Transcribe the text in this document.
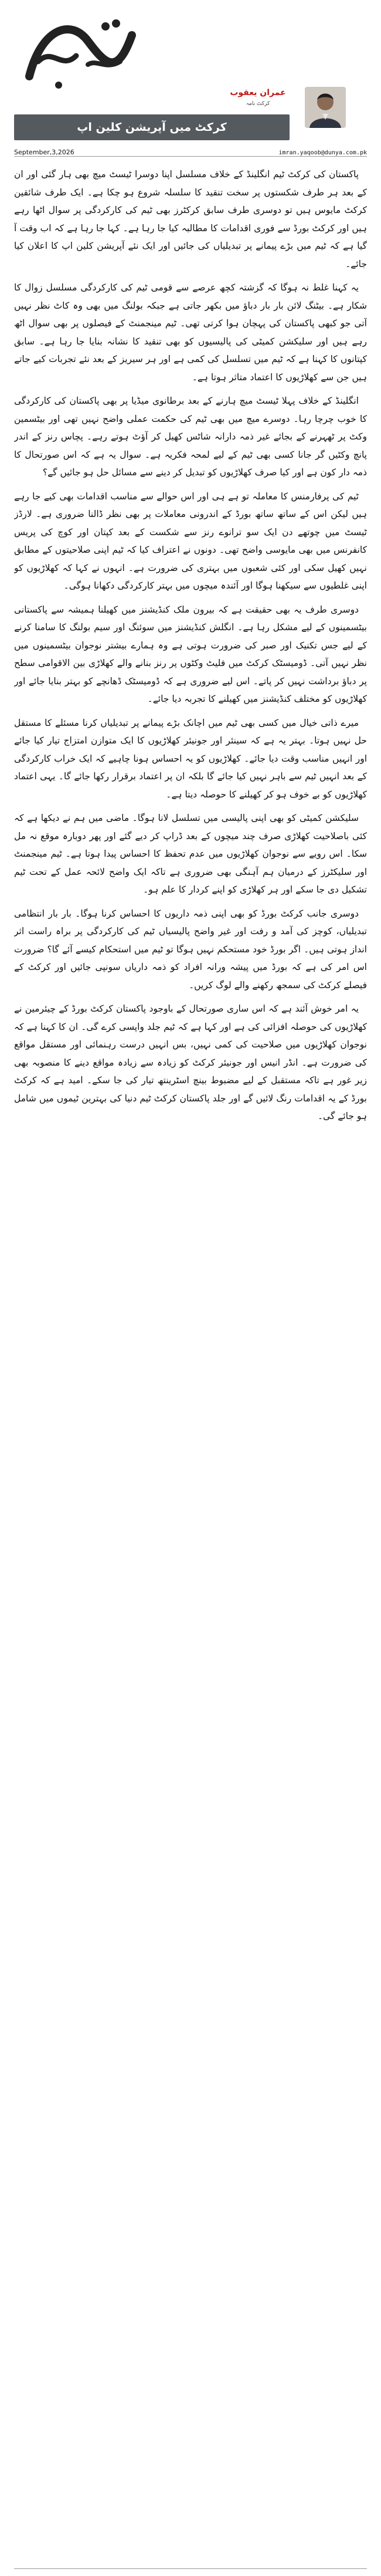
عمران یعقوب
کرکٹ نامہ
کرکٹ میں آپریشن کلین اپ
September,3,2026	imran.yaqoob@dunya.com.pk

پاکستان کی کرکٹ ٹیم انگلینڈ کے خلاف مسلسل اپنا دوسرا ٹیسٹ میچ بھی ہار گئی اور ان کے بعد ہر طرف شکستوں پر سخت تنقید کا سلسلہ شروع ہو چکا ہے۔ ایک طرف شائقین کرکٹ مایوس ہیں تو دوسری طرف سابق کرکٹرز بھی ٹیم کی کارکردگی پر سوال اٹھا رہے ہیں اور کرکٹ بورڈ سے فوری اقدامات کا مطالبہ کیا جا رہا ہے۔ کہا جا رہا ہے کہ اب وقت آ گیا ہے کہ ٹیم میں بڑے پیمانے پر تبدیلیاں کی جائیں اور ایک نئے آپریشن کلین اپ کا اعلان کیا جائے۔

یہ کہنا غلط نہ ہوگا کہ گزشتہ کچھ عرصے سے قومی ٹیم کی کارکردگی مسلسل زوال کا شکار ہے۔ بیٹنگ لائن بار بار دباؤ میں بکھر جاتی ہے جبکہ بولنگ میں بھی وہ کاٹ نظر نہیں آتی جو کبھی پاکستان کی پہچان ہوا کرتی تھی۔ ٹیم مینجمنٹ کے فیصلوں پر بھی سوال اٹھ رہے ہیں اور سلیکشن کمیٹی کی پالیسیوں کو بھی تنقید کا نشانہ بنایا جا رہا ہے۔ سابق کپتانوں کا کہنا ہے کہ ٹیم میں تسلسل کی کمی ہے اور ہر سیریز کے بعد نئے تجربات کیے جاتے ہیں جن سے کھلاڑیوں کا اعتماد متاثر ہوتا ہے۔

انگلینڈ کے خلاف پہلا ٹیسٹ میچ ہارنے کے بعد برطانوی میڈیا پر بھی پاکستان کی کارکردگی کا خوب چرچا رہا۔ دوسرے میچ میں بھی ٹیم کی حکمت عملی واضح نہیں تھی اور بیٹسمین وکٹ پر ٹھہرنے کے بجائے غیر ذمہ دارانہ شاٹس کھیل کر آؤٹ ہوتے رہے۔ پچاس رنز کے اندر پانچ وکٹیں گر جانا کسی بھی ٹیم کے لیے لمحہ فکریہ ہے۔ سوال یہ ہے کہ اس صورتحال کا ذمہ دار کون ہے اور کیا صرف کھلاڑیوں کو تبدیل کر دینے سے مسائل حل ہو جائیں گے؟

ٹیم کی پرفارمنس کا معاملہ تو ہے ہی اور اس حوالے سے مناسب اقدامات بھی کیے جا رہے ہیں لیکن اس کے ساتھ ساتھ بورڈ کے اندرونی معاملات پر بھی نظر ڈالنا ضروری ہے۔ لارڈز ٹیسٹ میں چوتھے دن ایک سو ترانوے رنز سے شکست کے بعد کپتان اور کوچ کی پریس کانفرنس میں بھی مایوسی واضح تھی۔ دونوں نے اعتراف کیا کہ ٹیم اپنی صلاحیتوں کے مطابق نہیں کھیل سکی اور کئی شعبوں میں بہتری کی ضرورت ہے۔ انہوں نے کہا کہ کھلاڑیوں کو اپنی غلطیوں سے سیکھنا ہوگا اور آئندہ میچوں میں بہتر کارکردگی دکھانا ہوگی۔

دوسری طرف یہ بھی حقیقت ہے کہ بیرون ملک کنڈیشنز میں کھیلنا ہمیشہ سے پاکستانی بیٹسمینوں کے لیے مشکل رہا ہے۔ انگلش کنڈیشنز میں سوئنگ اور سیم بولنگ کا سامنا کرنے کے لیے جس تکنیک اور صبر کی ضرورت ہوتی ہے وہ ہمارے بیشتر نوجوان بیٹسمینوں میں نظر نہیں آتی۔ ڈومیسٹک کرکٹ میں فلیٹ وکٹوں پر رنز بنانے والے کھلاڑی بین الاقوامی سطح پر دباؤ برداشت نہیں کر پاتے۔ اس لیے ضروری ہے کہ ڈومیسٹک ڈھانچے کو بہتر بنایا جائے اور کھلاڑیوں کو مختلف کنڈیشنز میں کھیلنے کا تجربہ دیا جائے۔

میرے ذاتی خیال میں کسی بھی ٹیم میں اچانک بڑے پیمانے پر تبدیلیاں کرنا مسئلے کا مستقل حل نہیں ہوتا۔ بہتر یہ ہے کہ سینئر اور جونیئر کھلاڑیوں کا ایک متوازن امتزاج تیار کیا جائے اور انہیں مناسب وقت دیا جائے۔ کھلاڑیوں کو یہ احساس ہونا چاہیے کہ ایک خراب کارکردگی کے بعد انہیں ٹیم سے باہر نہیں کیا جائے گا بلکہ ان پر اعتماد برقرار رکھا جائے گا۔ یہی اعتماد کھلاڑیوں کو بے خوف ہو کر کھیلنے کا حوصلہ دیتا ہے۔

سلیکشن کمیٹی کو بھی اپنی پالیسی میں تسلسل لانا ہوگا۔ ماضی میں ہم نے دیکھا ہے کہ کئی باصلاحیت کھلاڑی صرف چند میچوں کے بعد ڈراپ کر دیے گئے اور پھر دوبارہ موقع نہ مل سکا۔ اس رویے سے نوجوان کھلاڑیوں میں عدم تحفظ کا احساس پیدا ہوتا ہے۔ ٹیم مینجمنٹ اور سلیکٹرز کے درمیان ہم آہنگی بھی ضروری ہے تاکہ ایک واضح لائحہ عمل کے تحت ٹیم تشکیل دی جا سکے اور ہر کھلاڑی کو اپنے کردار کا علم ہو۔

دوسری جانب کرکٹ بورڈ کو بھی اپنی ذمہ داریوں کا احساس کرنا ہوگا۔ بار بار انتظامی تبدیلیاں، کوچز کی آمد و رفت اور غیر واضح پالیسیاں ٹیم کی کارکردگی پر براہ راست اثر انداز ہوتی ہیں۔ اگر بورڈ خود مستحکم نہیں ہوگا تو ٹیم میں استحکام کیسے آئے گا؟ ضرورت اس امر کی ہے کہ بورڈ میں پیشہ ورانہ افراد کو ذمہ داریاں سونپی جائیں اور کرکٹ کے فیصلے کرکٹ کی سمجھ رکھنے والے لوگ کریں۔

یہ امر خوش آئند ہے کہ اس ساری صورتحال کے باوجود پاکستان کرکٹ بورڈ کے چیئرمین نے کھلاڑیوں کی حوصلہ افزائی کی ہے اور کہا ہے کہ ٹیم جلد واپسی کرے گی۔ ان کا کہنا ہے کہ نوجوان کھلاڑیوں میں صلاحیت کی کمی نہیں، بس انہیں درست رہنمائی اور مستقل مواقع کی ضرورت ہے۔ انڈر انیس اور جونیئر کرکٹ کو زیادہ سے زیادہ مواقع دینے کا منصوبہ بھی زیر غور ہے تاکہ مستقبل کے لیے مضبوط بینچ اسٹرینتھ تیار کی جا سکے۔ امید ہے کہ کرکٹ بورڈ کے یہ اقدامات رنگ لائیں گے اور جلد پاکستان کرکٹ ٹیم دنیا کی بہترین ٹیموں میں شامل ہو جائے گی۔
